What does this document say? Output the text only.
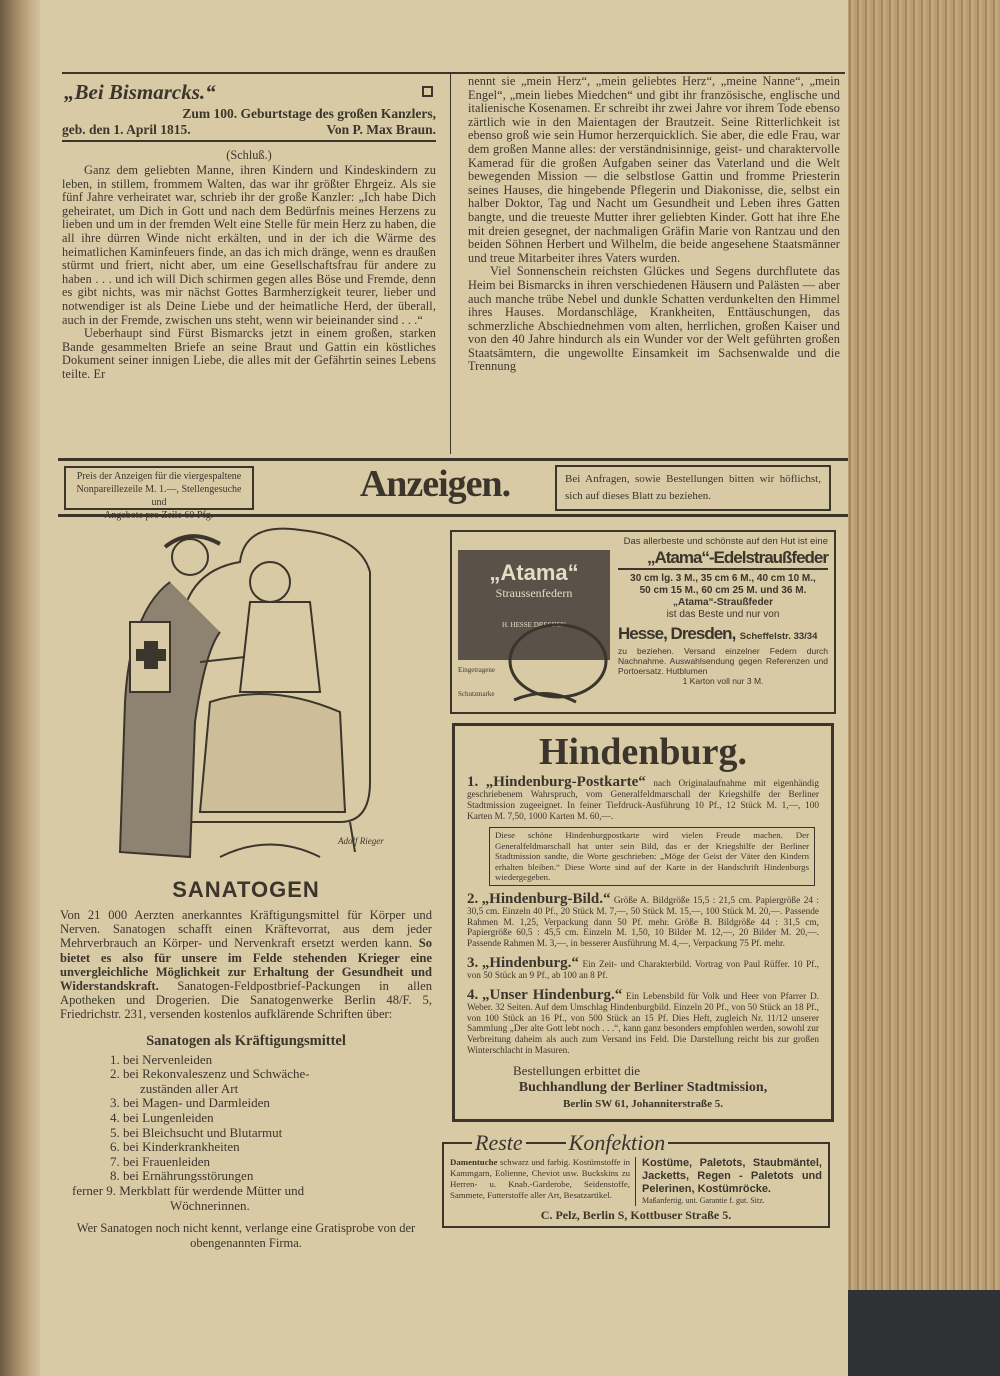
„Bei Bismarcks.“
Zum 100. Geburtstage des großen Kanzlers,
geb. den 1. April 1815.	Von P. Max Braun.
(Schluß.)

Ganz dem geliebten Manne, ihren Kindern und Kindeskindern zu leben, in stillem, frommem Walten, das war ihr größter Ehrgeiz. Als sie fünf Jahre verheiratet war, schrieb ihr der große Kanzler: „Ich habe Dich geheiratet, um Dich in Gott und nach dem Bedürfnis meines Herzens zu lieben und um in der fremden Welt eine Stelle für mein Herz zu haben, die all ihre dürren Winde nicht erkälten, und in der ich die Wärme des heimatlichen Kaminfeuers finde, an das ich mich dränge, wenn es draußen stürmt und friert, nicht aber, um eine Gesellschaftsfrau für andere zu haben . . . und ich will Dich schirmen gegen alles Böse und Fremde, denn es gibt nichts, was mir nächst Gottes Barmherzigkeit teurer, lieber und notwendiger ist als Deine Liebe und der heimatliche Herd, der überall, auch in der Fremde, zwischen uns steht, wenn wir beieinander sind . . .“

Ueberhaupt sind Fürst Bismarcks jetzt in einem großen, starken Bande gesammelten Briefe an seine Braut und Gattin ein köstliches Dokument seiner innigen Liebe, die alles mit der Gefährtin seines Lebens teilte. Er

nennt sie „mein Herz“, „mein geliebtes Herz“, „meine Nanne“, „mein Engel“, „mein liebes Miedchen“ und gibt ihr französische, englische und italienische Kosenamen. Er schreibt ihr zwei Jahre vor ihrem Tode ebenso zärtlich wie in den Maientagen der Brautzeit. Seine Ritterlichkeit ist ebenso groß wie sein Humor herzerquicklich. Sie aber, die edle Frau, war dem großen Manne alles: der verständnisinnige, geist- und charaktervolle Kamerad für die großen Aufgaben seiner das Vaterland und die Welt bewegenden Mission — die selbstlose Gattin und fromme Priesterin seines Hauses, die hingebende Pflegerin und Diakonisse, die, selbst ein halber Doktor, Tag und Nacht um Gesundheit und Leben ihres Gatten bangte, und die treueste Mutter ihrer geliebten Kinder. Gott hat ihre Ehe mit dreien gesegnet, der nachmaligen Gräfin Marie von Rantzau und den beiden Söhnen Herbert und Wilhelm, die beide angesehene Staatsmänner und treue Mitarbeiter ihres Vaters wurden.

Viel Sonnenschein reichsten Glückes und Segens durchflutete das Heim bei Bismarcks in ihren verschiedenen Häusern und Palästen — aber auch manche trübe Nebel und dunkle Schatten verdunkelten den Himmel ihres Hauses. Mordanschläge, Krankheiten, Enttäuschungen, das schmerzliche Abschiednehmen vom alten, herrlichen, großen Kaiser und von den 40 Jahre hindurch als ein Wunder vor der Welt geführten großen Staatsämtern, die ungewollte Einsamkeit im Sachsenwalde und die Trennung

Preis der Anzeigen für die viergespaltene
Nonpareillezeile M. 1.—, Stellengesuche und
—— Angebote pro Zeile 60 Pfg. ——
Anzeigen.	Bei Anfragen, sowie Bestellungen bitten wir höflichst, sich auf dieses Blatt zu beziehen.
Adolf Rieger
SANATOGEN
Von 21 000 Aerzten anerkanntes Kräftigungsmittel für Körper und Nerven. Sanatogen schafft einen Kräftevorrat, aus dem jeder Mehrverbrauch an Körper- und Nervenkraft ersetzt werden kann. So bietet es also für unsere im Felde stehenden Krieger eine unvergleichliche Möglichkeit zur Erhaltung der Gesundheit und Widerstandskraft. Sanatogen-Feldpostbrief-Packungen in allen Apotheken und Drogerien. Die Sanatogenwerke Berlin 48/F. 5, Friedrichstr. 231, versenden kostenlos aufklärende Schriften über:
Sanatogen als Kräftigungsmittel
1. bei Nervenleiden
2. bei Rekonvaleszenz und Schwäche-
zuständen aller Art
3. bei Magen- und Darmleiden
4. bei Lungenleiden
5. bei Bleichsucht und Blutarmut
6. bei Kinderkrankheiten
7. bei Frauenleiden
8. bei Ernährungsstörungen
ferner 9. Merkblatt für werdende Mütter und
Wöchnerinnen.
Wer Sanatogen noch nicht kennt, verlange eine Gratisprobe von der obengenannten Firma.
„Atama“
Straussenfedern
H. HESSE DRESDEN
Eingetragene
Schutzmarke
Das allerbeste und schönste auf den Hut ist eine
„Atama“-Edelstraußfeder
30 cm lg. 3 M., 35 cm 6 M., 40 cm 10 M.,
50 cm 15 M., 60 cm 25 M. und 36 M.
„Atama“-Straußfeder
ist das Beste und nur von
Hesse, Dresden, Scheffelstr. 33/34
zu beziehen. Versand einzelner Federn durch Nachnahme. Auswahlsendung gegen Referenzen und Portoersatz. Hutblumen
1 Karton voll nur 3 M.
Hindenburg.
1. „Hindenburg-Postkarte“ nach Originalaufnahme mit eigenhändig geschriebenem Wahrspruch, vom Generalfeldmarschall der Kriegshilfe der Berliner Stadtmission zugeeignet. In feiner Tiefdruck-Ausführung 10 Pf., 12 Stück M. 1,—, 100 Karten M. 7,50, 1000 Karten M. 60,—.
Diese schöne Hindenburgpostkarte wird vielen Freude machen. Der Generalfeldmarschall hat unter sein Bild, das er der Kriegshilfe der Berliner Stadtmission sandte, die Worte geschrieben: „Möge der Geist der Väter den Kindern erhalten bleiben.“ Diese Worte sind auf der Karte in der Handschrift Hindenburgs wiedergegeben.
2. „Hindenburg-Bild.“ Größe A. Bildgröße 15,5 : 21,5 cm. Papiergröße 24 : 30,5 cm. Einzeln 40 Pf., 20 Stück M. 7,—, 50 Stück M. 15,—, 100 Stück M. 20,—. Passende Rahmen M. 1,25, Verpackung dann 50 Pf. mehr. Größe B. Bildgröße 44 : 31,5 cm, Papiergröße 60,5 : 45,5 cm. Einzeln M. 1,50, 10 Bilder M. 12,—, 20 Bilder M. 20,—. Passende Rahmen M. 3,—, in besserer Ausführung M. 4,—, Verpackung 75 Pf. mehr.
3. „Hindenburg.“ Ein Zeit- und Charakterbild. Vortrag von Paul Rüffer. 10 Pf., von 50 Stück an 9 Pf., ab 100 an 8 Pf.
4. „Unser Hindenburg.“ Ein Lebensbild für Volk und Heer von Pfarrer D. Weber. 32 Seiten. Auf dem Umschlag Hindenburgbild. Einzeln 20 Pf., von 50 Stück an 18 Pf., von 100 Stück an 16 Pf., von 500 Stück an 15 Pf. Dies Heft, zugleich Nr. 11/12 unserer Sammlung „Der alte Gott lebt noch . . .“, kann ganz besonders empfohlen werden, sowohl zur Verbreitung daheim als auch zum Versand ins Feld. Die Darstellung reicht bis zur großen Winterschlacht in Masuren.
Bestellungen erbittet die
Buchhandlung der Berliner Stadtmission,
Berlin SW 61, Johanniterstraße 5.
Reste Konfektion
Damentuche schwarz und farbig. Kostümstoffe in Kammgarn, Eolienne, Cheviot usw. Buckskins zu Herren- u. Knab.-Garderobe, Seidenstoffe, Sammete, Futterstoffe aller Art, Besatzartikel.
Kostüme, Paletots, Staubmäntel, Jacketts, Regen - Paletots und Pelerinen, Kostümröcke.
Maßanfertig. unt. Garantie f. gut. Sitz.
C. Pelz, Berlin S, Kottbuser Straße 5.
